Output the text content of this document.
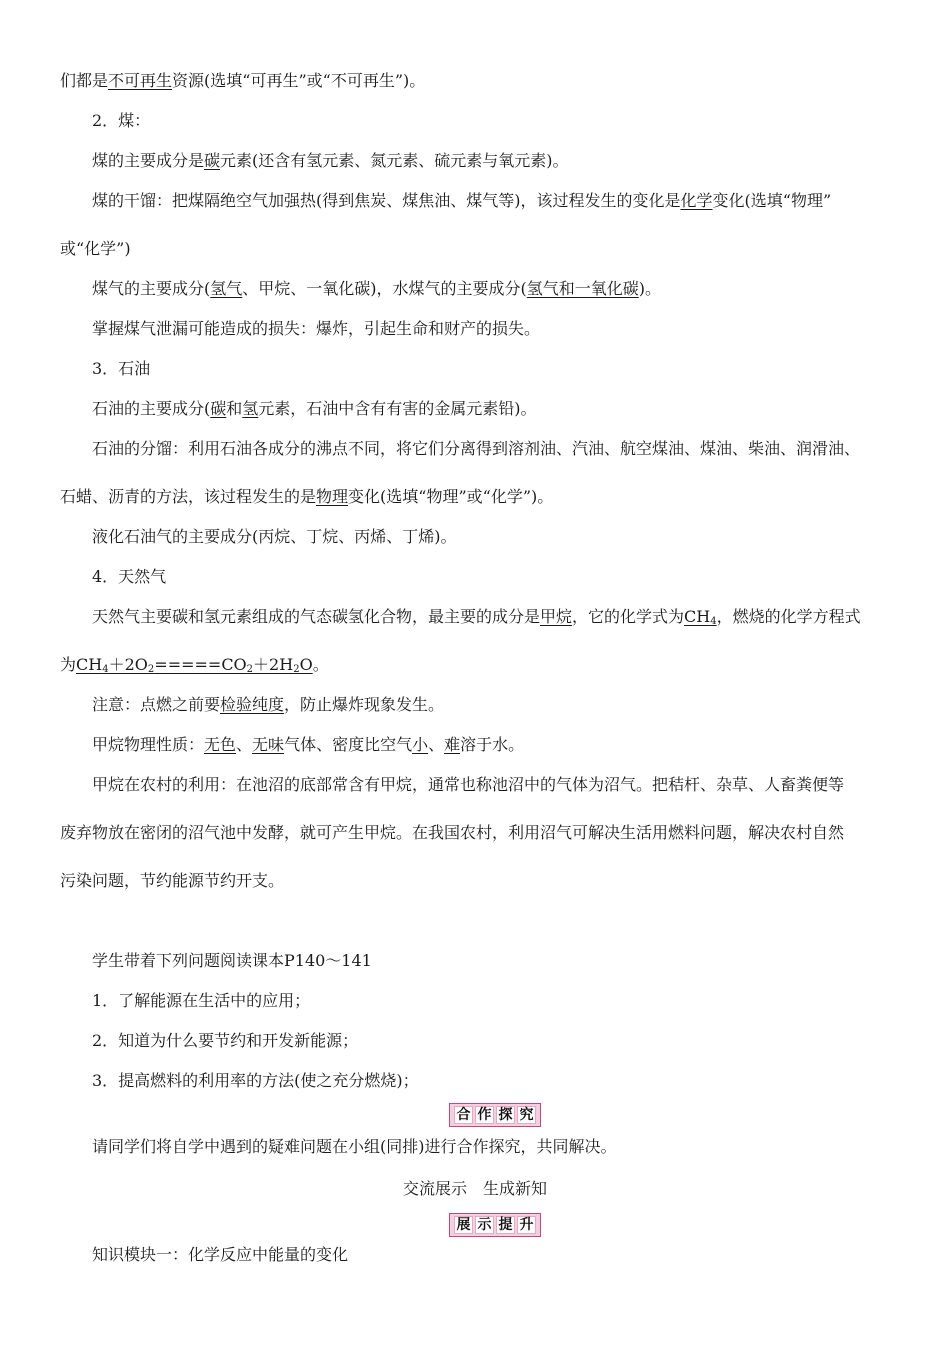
们都是不可再生资源(选填“可再生”或“不可再生”)。
2．煤：
煤的主要成分是碳元素(还含有氢元素、氮元素、硫元素与氧元素)。
煤的干馏：把煤隔绝空气加强热(得到焦炭、煤焦油、煤气等)，该过程发生的变化是化学变化(选填“物理”
或“化学”)
煤气的主要成分(氢气、甲烷、一氧化碳)，水煤气的主要成分(氢气和一氧化碳)。
掌握煤气泄漏可能造成的损失：爆炸，引起生命和财产的损失。
3．石油
石油的主要成分(碳和氢元素，石油中含有有害的金属元素铅)。
石油的分馏：利用石油各成分的沸点不同，将它们分离得到溶剂油、汽油、航空煤油、煤油、柴油、润滑油、
石蜡、沥青的方法，该过程发生的是物理变化(选填“物理”或“化学”)。
液化石油气的主要成分(丙烷、丁烷、丙烯、丁烯)。
4．天然气
天然气主要碳和氢元素组成的气态碳氢化合物，最主要的成分是甲烷，它的化学式为$CH_4$，燃烧的化学方程式
为$CH_4+2O_2=====CO_2+2H_2O$。
注意：点燃之前要检验纯度，防止爆炸现象发生。
甲烷物理性质：无色、无味气体、密度比空气小、难溶于水。
甲烷在农村的利用：在池沼的底部常含有甲烷，通常也称池沼中的气体为沼气。把秸杆、杂草、人畜粪便等
废弃物放在密闭的沼气池中发酵，就可产生甲烷。在我国农村，利用沼气可解决生活用燃料问题，解决农村自然
污染问题，节约能源节约开支。
学生带着下列问题阅读课本P140～141
1．了解能源在生活中的应用；
2．知道为什么要节约和开发新能源；
3．提高燃料的利用率的方法(使之充分燃烧)；
合 作 探 究
请同学们将自学中遇到的疑难问题在小组(同排)进行合作探究，共同解决。
交流展示　生成新知
展 示 提 升
知识模块一：化学反应中能量的变化
